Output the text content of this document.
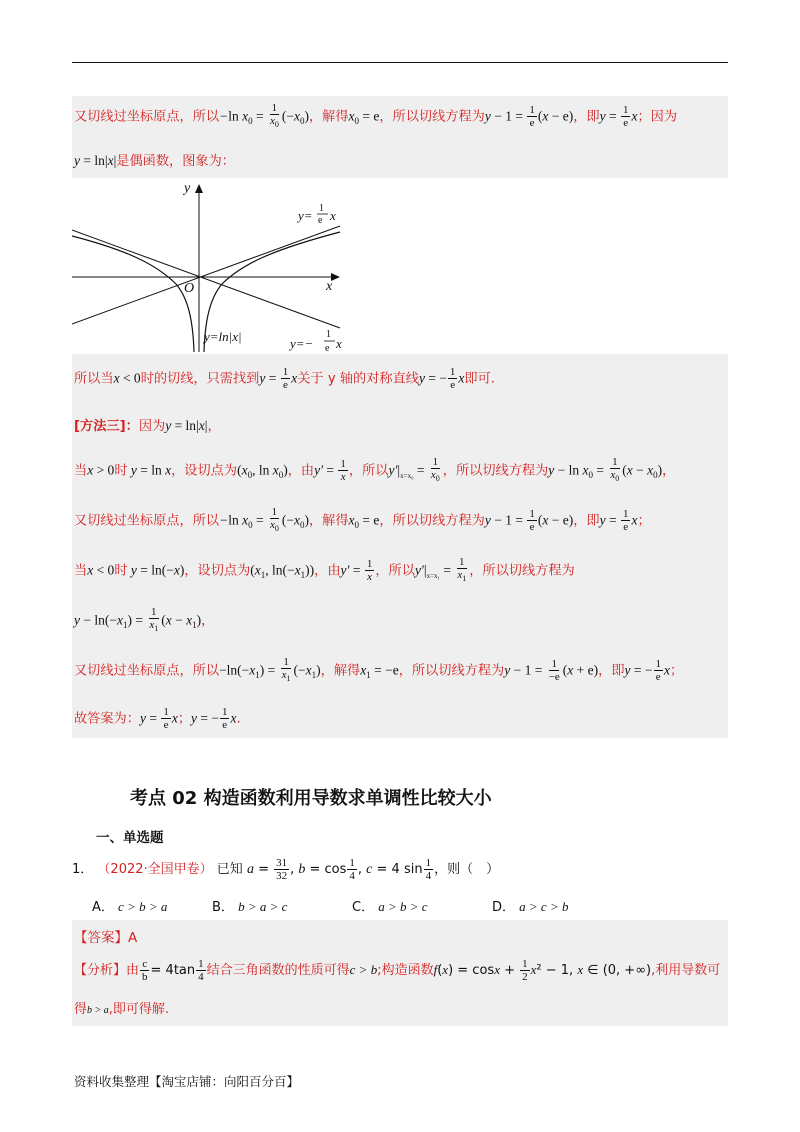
又切线过坐标原点，所以−ln $x_0 = \frac{1}{x_0} (-x_0)$，解得$x_0 = e$，所以切线方程为$y - 1 = \frac{1}{e} (x - e)$，即$y = \frac{1}{e}$ x；因为
y = ln|x|是偶函数，图象为：
y
x
O
y= 1
e x
y=−
1
e x
y=ln|x|
所以当x < 0时的切线，只需找到$y = \frac{1}{e}$ x关于 y 轴的对称直线y = − $\frac{1}{e}$ x即可.
[方法三]：因为y = ln|x|，
当x > 0时 y = ln x，设切点为($x_0$, $\ln x_0$)，由$y' = \frac{1}{x}$ ，所以$y'|_{x=x_0} = \frac{1}{x_0}$ ，所以切线方程为$y - \ln x_0 = \frac{1}{x_0} (x - x_0)$，
又切线过坐标原点，所以−ln $x_0 = \frac{1}{x_0} (-x_0)$，解得$x_0 = e$，所以切线方程为$y - 1 = \frac{1}{e} (x - e)$，即$y = \frac{1}{e}$ x；
当x < 0时 y = ln(−x)，设切点为($x_1$, $\ln(-x_1)$)，由$y' = \frac{1}{x}$ ，所以$y'|_{x=x_1} = \frac{1}{x_1}$ ，所以切线方程为
$y - \ln(-x_1) = \frac{1}{x_1} (x - x_1)$，
又切线过坐标原点，所以$-\ln(-x_1) = \frac{1}{x_1} (-x_1)$，解得$x_1 = -e$，所以切线方程为$y - 1 = \frac{1}{-e} (x + e)$，即y = − $\frac{1}{e}$ x；
故答案为：$y = \frac{1}{e}$ x；y = − $\frac{1}{e} x$.
考点 02 构造函数利用导数求单调性比较大小
一、单选题
1． （2022·全国甲卷） 已知 $a = \frac{31}{32}$ , $b = \cos \frac{1}{4}$ , c = 4 $\sin \frac{1}{4}$ ，则（　）
A． c > b > a	B． b > a > c	C． a > b > c	D． a > c > b
【答案】A
【分析】由 $\frac{c}{b} = 4\tan \frac{1}{4}$ 结合三角函数的性质可得c > b;构造函数$f(x) = \cos x + \frac{1}{2} x^2 - 1$, x ∈ (0, +∞),利用导数可
得b > a,即可得解.
资料收集整理【淘宝店铺：向阳百分百】
